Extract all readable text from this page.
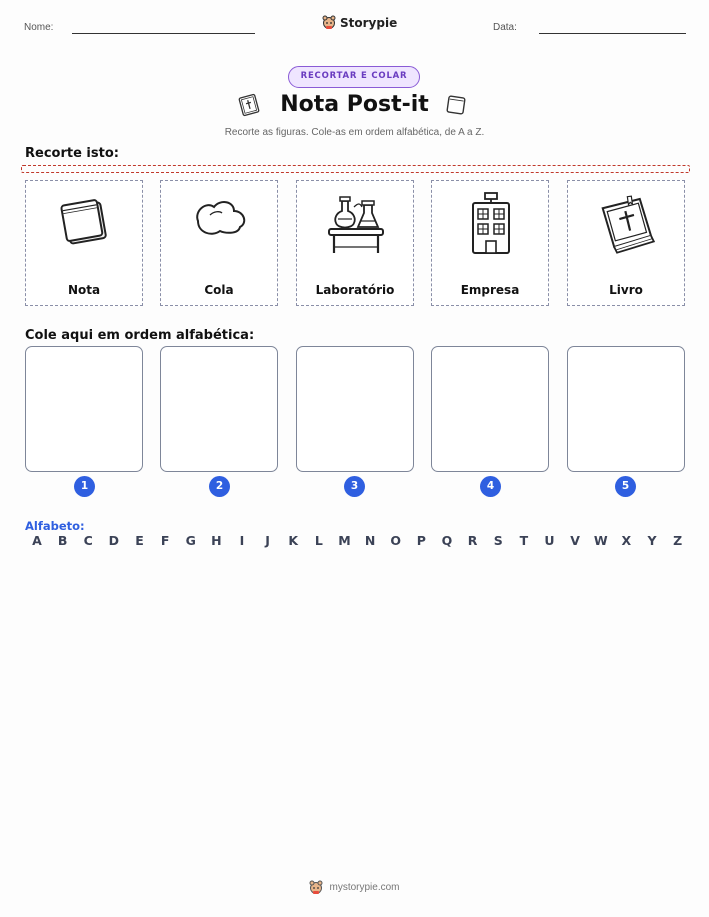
Nome:	Storypie	Data:
RECORTAR E COLAR
Nota Post-it
Recorte as figuras. Cole-as em ordem alfabética, de A a Z.
Recorte isto:
Nota	Cola	Laboratório	Empresa	Livro
Cole aqui em ordem alfabética:
1	2	3	4	5
Alfabeto:
A	B	C	D	E	F	G	H	I	J	K	L	M	N	O	P	Q	R	S	T	U	V	W	X	Y	Z
mystorypie.com
